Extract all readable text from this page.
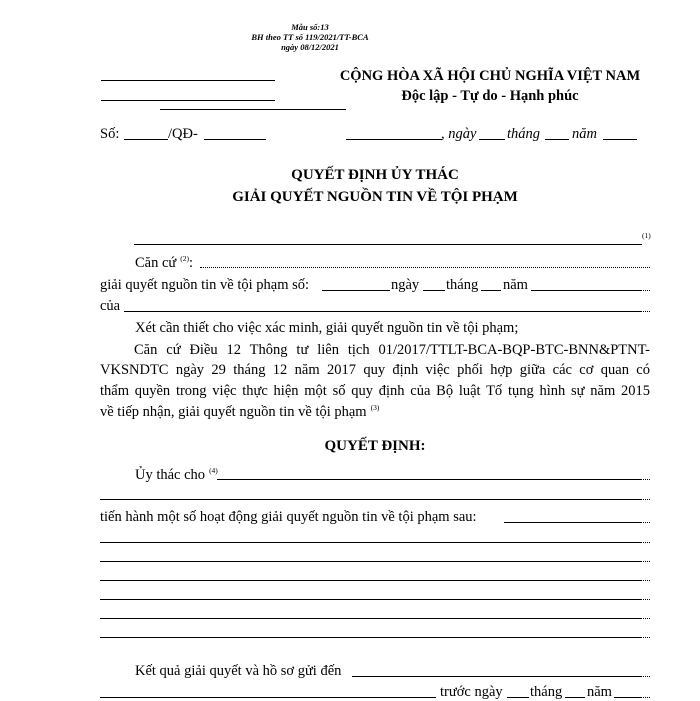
Mẫu số:13
BH theo TT số 119/2021/TT-BCA
ngày 08/12/2021
CỘNG HÒA XÃ HỘI CHỦ NGHĨA VIỆT NAM
Độc lập - Tự do - Hạnh phúc
Số:	/QĐ-	, ngày tháng năm
QUYẾT ĐỊNH ỦY THÁC
GIẢI QUYẾT NGUỒN TIN VỀ TỘI PHẠM
(1)
Căn cứ $^{(2)}$:
giải quyết nguồn tin về tội phạm số:	ngày tháng năm
của
Xét cần thiết cho việc xác minh, giải quyết nguồn tin về tội phạm;
Căn cứ Điều 12 Thông tư liên tịch 01/2017/TTLT-BCA-BQP-BTC-BNN&PTNT-
VKSNDTC ngày 29 tháng 12 năm 2017 quy định việc phối hợp giữa các cơ quan có
thẩm quyền trong việc thực hiện một số quy định của Bộ luật Tố tụng hình sự năm 2015
về tiếp nhận, giải quyết nguồn tin về tội phạm $^{(3)}$
QUYẾT ĐỊNH:
Ủy thác cho $^{(4)}$
tiến hành một số hoạt động giải quyết nguồn tin về tội phạm sau:
Kết quả giải quyết và hồ sơ gửi đến
trước ngày tháng năm
